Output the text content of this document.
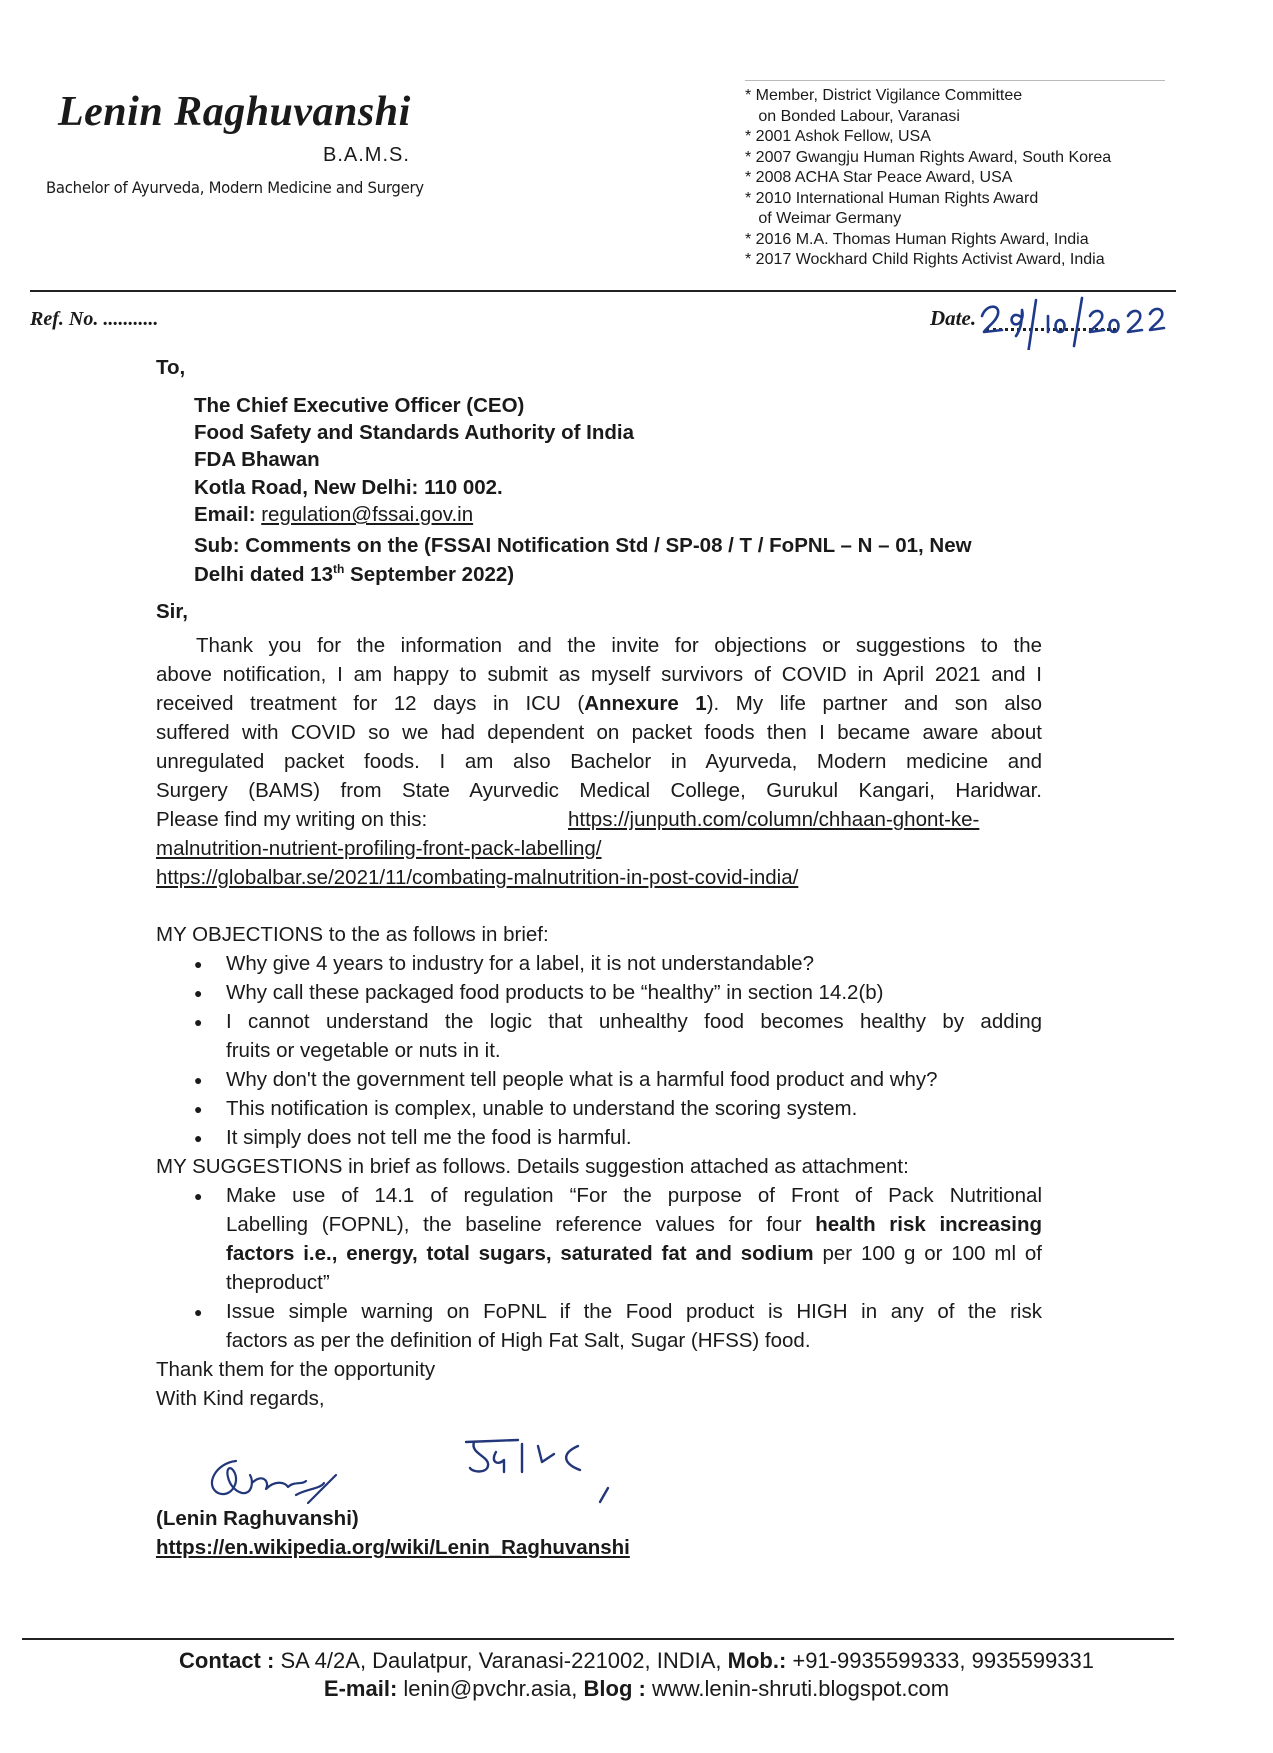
Lenin Raghuvanshi
B.A.M.S.
Bachelor of Ayurveda, Modern Medicine and Surgery
* Member, District Vigilance Committee
on Bonded Labour, Varanasi
* 2001 Ashok Fellow, USA
* 2007 Gwangju Human Rights Award, South Korea
* 2008 ACHA Star Peace Award, USA
* 2010 International Human Rights Award
of Weimar Germany
* 2016 M.A. Thomas Human Rights Award, India
* 2017 Wockhard Child Rights Activist Award, India
Ref. No. ...........	Date.
To,
The Chief Executive Officer (CEO)
Food Safety and Standards Authority of India
FDA Bhawan
Kotla Road, New Delhi: 110 002.
Email: regulation@fssai.gov.in
Sub: Comments on the (FSSAI Notification Std / SP-08 / T / FoPNL – N – 01, New
Delhi dated 13th September 2022)
Sir,
Thank you for the information and the invite for objections or suggestions to the
above notification, I am happy to submit as myself survivors of COVID in April 2021 and I
received treatment for 12 days in ICU (Annexure 1). My life partner and son also
suffered with COVID so we had dependent on packet foods then I became aware about
unregulated packet foods. I am also Bachelor in Ayurveda, Modern medicine and
Surgery (BAMS) from State Ayurvedic Medical College, Gurukul Kangari, Haridwar.
Please find my writing on this:	https://junputh.com/column/chhaan-ghont-ke-
malnutrition-nutrient-profiling-front-pack-labelling/
https://globalbar.se/2021/11/combating-malnutrition-in-post-covid-india/
MY OBJECTIONS to the as follows in brief:
● Why give 4 years to industry for a label, it is not understandable?
● Why call these packaged food products to be “healthy” in section 14.2(b)
● I cannot understand the logic that unhealthy food becomes healthy by adding
fruits or vegetable or nuts in it.
● Why don't the government tell people what is a harmful food product and why?
● This notification is complex, unable to understand the scoring system.
● It simply does not tell me the food is harmful.
MY SUGGESTIONS in brief as follows. Details suggestion attached as attachment:
● Make use of 14.1 of regulation “For the purpose of Front of Pack Nutritional
Labelling (FOPNL), the baseline reference values for four health risk increasing
factors i.e., energy, total sugars, saturated fat and sodium per 100 g or 100 ml of
theproduct”
● Issue simple warning on FoPNL if the Food product is HIGH in any of the risk
factors as per the definition of High Fat Salt, Sugar (HFSS) food.
Thank them for the opportunity
With Kind regards,
(Lenin Raghuvanshi)
https://en.wikipedia.org/wiki/Lenin_Raghuvanshi
Contact : SA 4/2A, Daulatpur, Varanasi-221002, INDIA, Mob.: +91-9935599333, 9935599331
E-mail: lenin@pvchr.asia, Blog : www.lenin-shruti.blogspot.com
